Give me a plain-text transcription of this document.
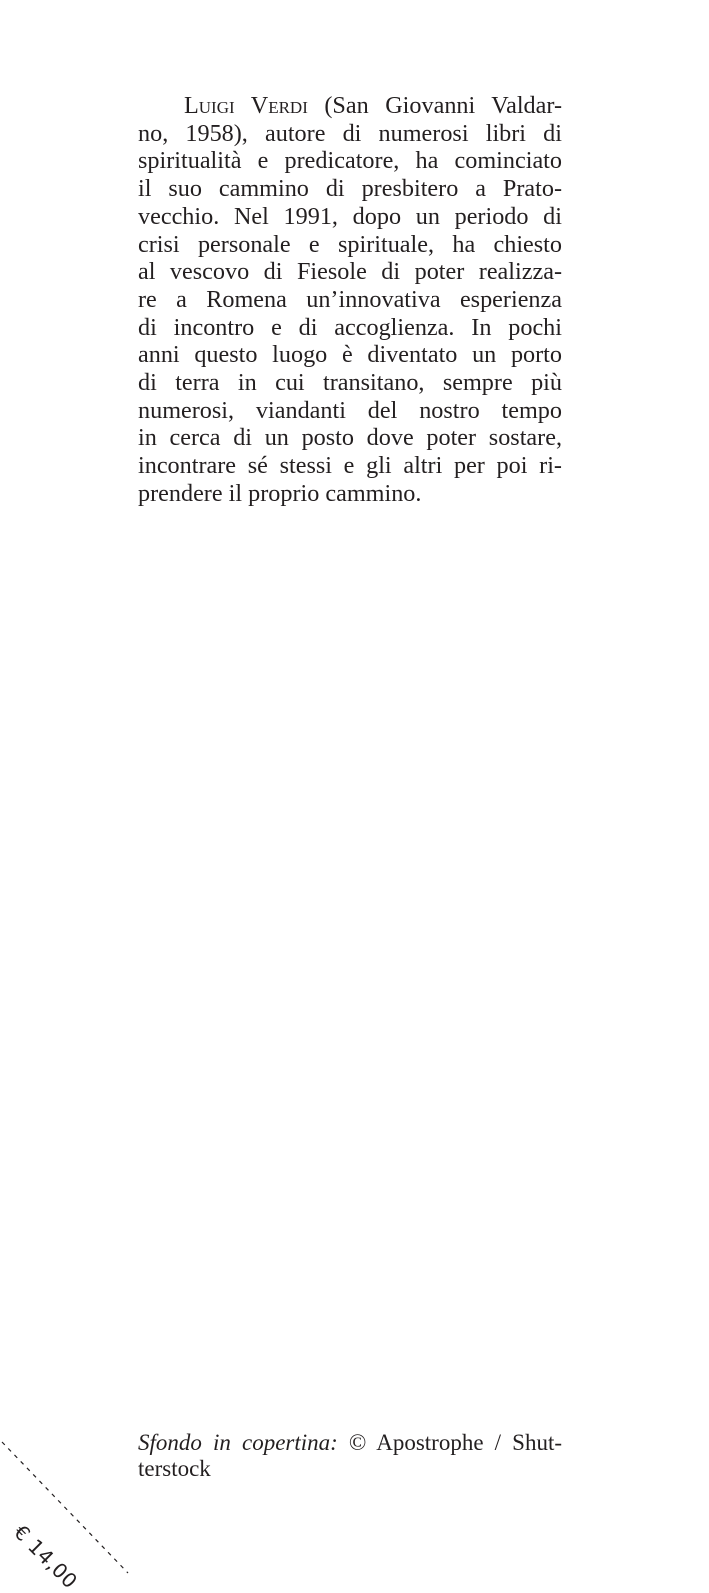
Luigi Verdi (San Giovanni Valdar-
no, 1958), autore di numerosi libri di
spiritualità e predicatore, ha cominciato
il suo cammino di presbitero a Prato-
vecchio. Nel 1991, dopo un periodo di
crisi personale e spirituale, ha chiesto
al vescovo di Fiesole di poter realizza-
re a Romena un’innovativa esperienza
di incontro e di accoglienza. In pochi
anni questo luogo è diventato un porto
di terra in cui transitano, sempre più
numerosi, viandanti del nostro tempo
in cerca di un posto dove poter sostare,
incontrare sé stessi e gli altri per poi ri-
prendere il proprio cammino.
Sfondo in copertina: © Apostrophe / Shut-
terstock
€ 14,00
